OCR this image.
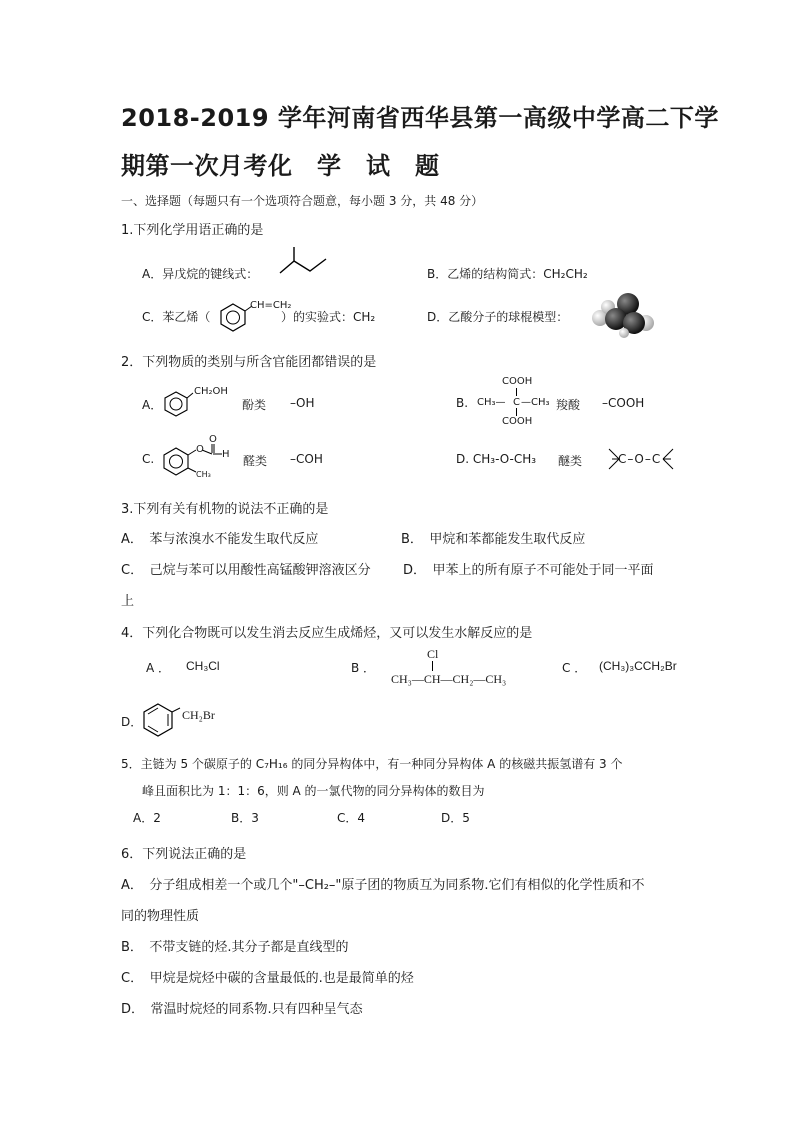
2018-2019 学年河南省西华县第一高级中学高二下学
期第一次月考化　学　试　题
一、选择题（每题只有一个选项符合题意，每小题 3 分，共 48 分）
1.下列化学用语正确的是
A．异戊烷的键线式：	B．乙烯的结构简式：CH₂CH₂
C．苯乙烯（
CH=CH₂
）的实验式：CH₂	D．乙酸分子的球棍模型：
2．下列物质的类别与所含官能团都错误的是
A．
CH₂OH
酚类 –OH	B.
COOH
CH₃— C —CH₃
COOH
羧酸 –COOH
C.
O
O
H
CH₃
醛类 –COH	D. CH₃-O-CH₃ 醚类	C–O–C
3.下列有关有机物的说法不正确的是
A．　苯与浓溴水不能发生取代反应	B．　甲烷和苯都能发生取代反应
C．　己烷与苯可以用酸性高锰酸钾溶液区分 D．　甲苯上的所有原子不可能处于同一平面
上
4．下列化合物既可以发生消去反应生成烯烃，又可以发生水解反应的是
A ． CH₃Cl	B ．
Cl
CH₃—CH—CH₂—CH₃
C ． (CH₃)₃CCH₂Br
D．	CH₂Br
5．主链为 5 个碳原子的 C₇H₁₆ 的同分异构体中，有一种同分异构体 A 的核磁共振氢谱有 3 个
峰且面积比为 1：1：6，则 A 的一氯代物的同分异构体的数目为
A．2	B．3	C．4	D．5
6．下列说法正确的是
A．　分子组成相差一个或几个"–CH₂–"原子团的物质互为同系物.它们有相似的化学性质和不
同的物理性质
B．　不带支链的烃.其分子都是直线型的
C．　甲烷是烷烃中碳的含量最低的.也是最简单的烃
D．　常温时烷烃的同系物.只有四种呈气态
